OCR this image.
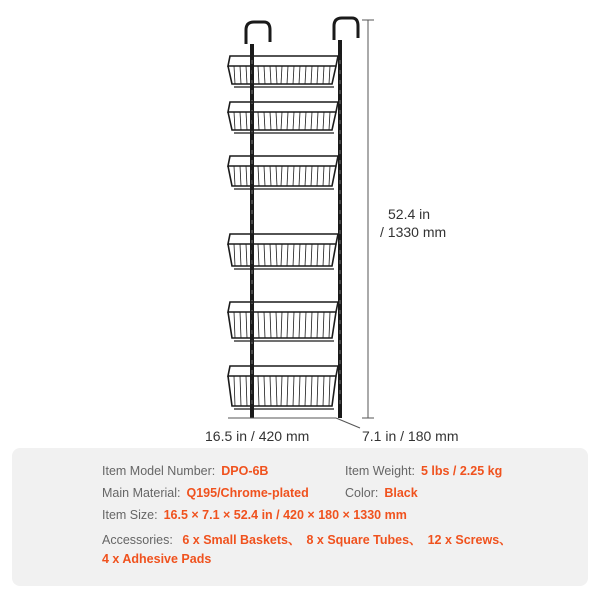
52.4 in
/ 1330 mm
16.5 in / 420 mm	7.1 in / 180 mm
Item Model Number: DPO-6B	Item Weight: 5 lbs / 2.25 kg
Main Material: Q195/Chrome-plated	Color: Black
Item Size: 16.5 × 7.1 × 52.4 in / 420 × 180 × 1330 mm
Accessories: 6 x Small Baskets、 8 x Square Tubes、 12 x Screws、
4 x Adhesive Pads
